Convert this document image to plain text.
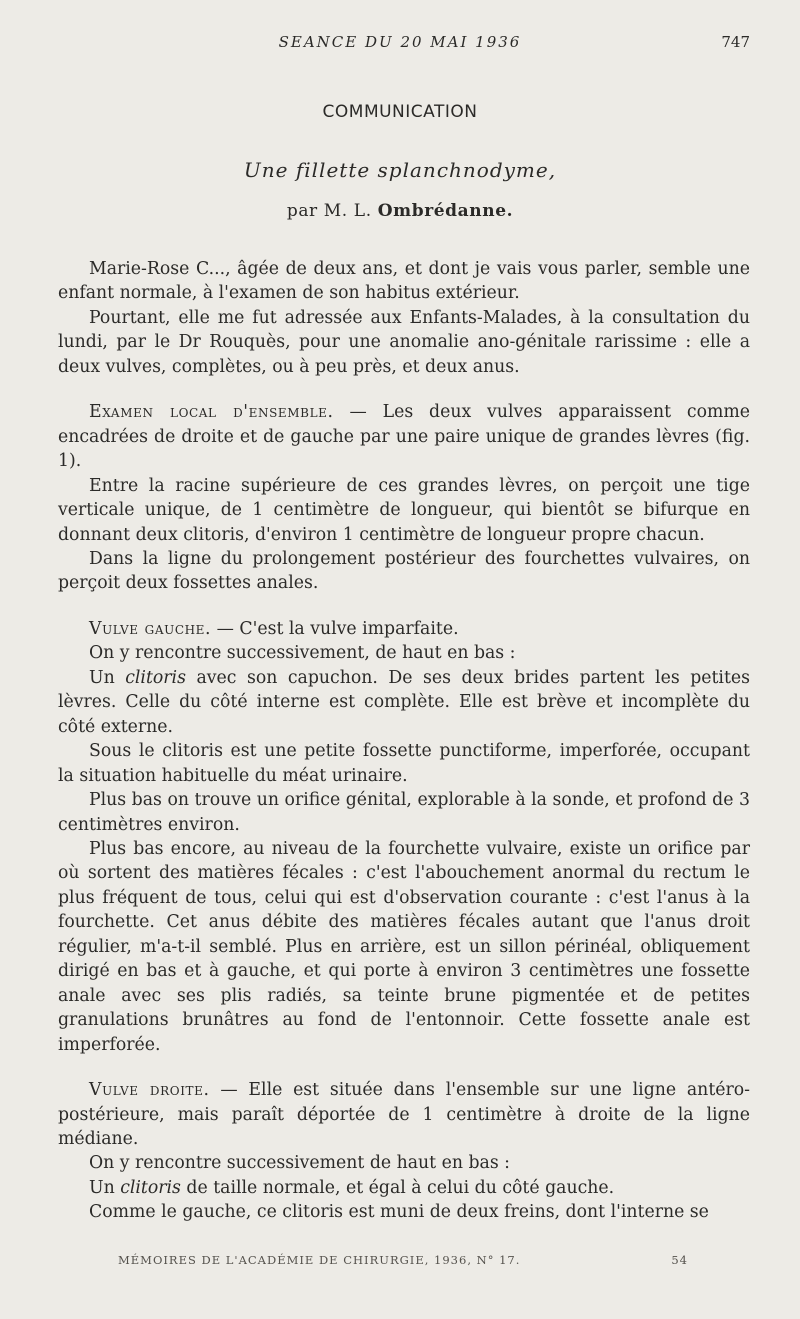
SEANCE DU 20 MAI 1936	747
COMMUNICATION
Une fillette splanchnodyme,
par M. L. Ombrédanne.

Marie-Rose C..., âgée de deux ans, et dont je vais vous parler, semble une enfant normale, à l'examen de son habitus extérieur.

Pourtant, elle me fut adressée aux Enfants-Malades, à la consultation du lundi, par le Dr Rouquès, pour une anomalie ano-génitale rarissime : elle a deux vulves, complètes, ou à peu près, et deux anus.

Examen local d'ensemble. — Les deux vulves apparaissent comme encadrées de droite et de gauche par une paire unique de grandes lèvres (fig. 1).

Entre la racine supérieure de ces grandes lèvres, on perçoit une tige verticale unique, de 1 centimètre de longueur, qui bientôt se bifurque en donnant deux clitoris, d'environ 1 centimètre de longueur propre chacun.

Dans la ligne du prolongement postérieur des fourchettes vulvaires, on perçoit deux fossettes anales.

Vulve gauche. — C'est la vulve imparfaite.

On y rencontre successivement, de haut en bas :

Un clitoris avec son capuchon. De ses deux brides partent les petites lèvres. Celle du côté interne est complète. Elle est brève et incomplète du côté externe.

Sous le clitoris est une petite fossette punctiforme, imperforée, occupant la situation habituelle du méat urinaire.

Plus bas on trouve un orifice génital, explorable à la sonde, et profond de 3 centimètres environ.

Plus bas encore, au niveau de la fourchette vulvaire, existe un orifice par où sortent des matières fécales : c'est l'abouchement anormal du rectum le plus fréquent de tous, celui qui est d'observation courante : c'est l'anus à la fourchette. Cet anus débite des matières fécales autant que l'anus droit régulier, m'a-t-il semblé. Plus en arrière, est un sillon périnéal, obliquement dirigé en bas et à gauche, et qui porte à environ 3 centimètres une fossette anale avec ses plis radiés, sa teinte brune pigmentée et de petites granulations brunâtres au fond de l'entonnoir. Cette fossette anale est imperforée.

Vulve droite. — Elle est située dans l'ensemble sur une ligne antéro-postérieure, mais paraît déportée de 1 centimètre à droite de la ligne médiane.

On y rencontre successivement de haut en bas :

Un clitoris de taille normale, et égal à celui du côté gauche.

Comme le gauche, ce clitoris est muni de deux freins, dont l'interne se

MÉMOIRES DE L'ACADÉMIE DE CHIRURGIE, 1936, N° 17.	54
